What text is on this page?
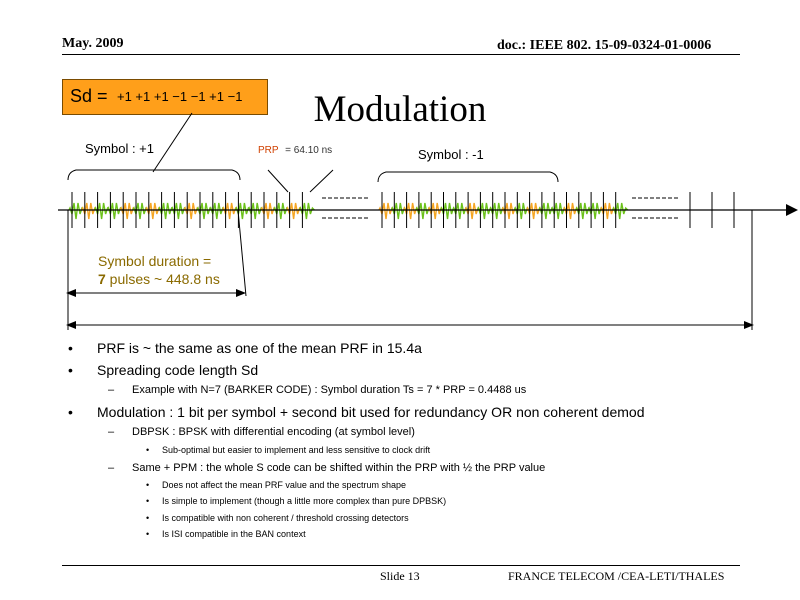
May. 2009	doc.: IEEE 802. 15-09-0324-01-0006
Modulation
Sd = +1 +1 +1 −1 −1 +1 −1
Symbol : +1	Symbol : -1
PRP = 64.10 ns
Symbol duration =
7 pulses ~ 448.8 ns
• PRF is ~ the same as one of the mean PRF in 15.4a
• Spreading code length Sd
– Example with N=7 (BARKER CODE) : Symbol duration Ts = 7 * PRP = 0.4488 us
• Modulation : 1 bit per symbol + second bit used for redundancy OR non coherent demod
– DBPSK : BPSK with differential encoding (at symbol level)
• Sub-optimal but easier to implement and less sensitive to clock drift
– Same + PPM : the whole S code can be shifted within the PRP with ½ the PRP value
• Does not affect the mean PRF value and the spectrum shape
• Is simple to implement (though a little more complex than pure DPBSK)
• Is compatible with non coherent / threshold crossing detectors
• Is ISI compatible in the BAN context
Slide 13	FRANCE TELECOM /CEA-LETI/THALES
